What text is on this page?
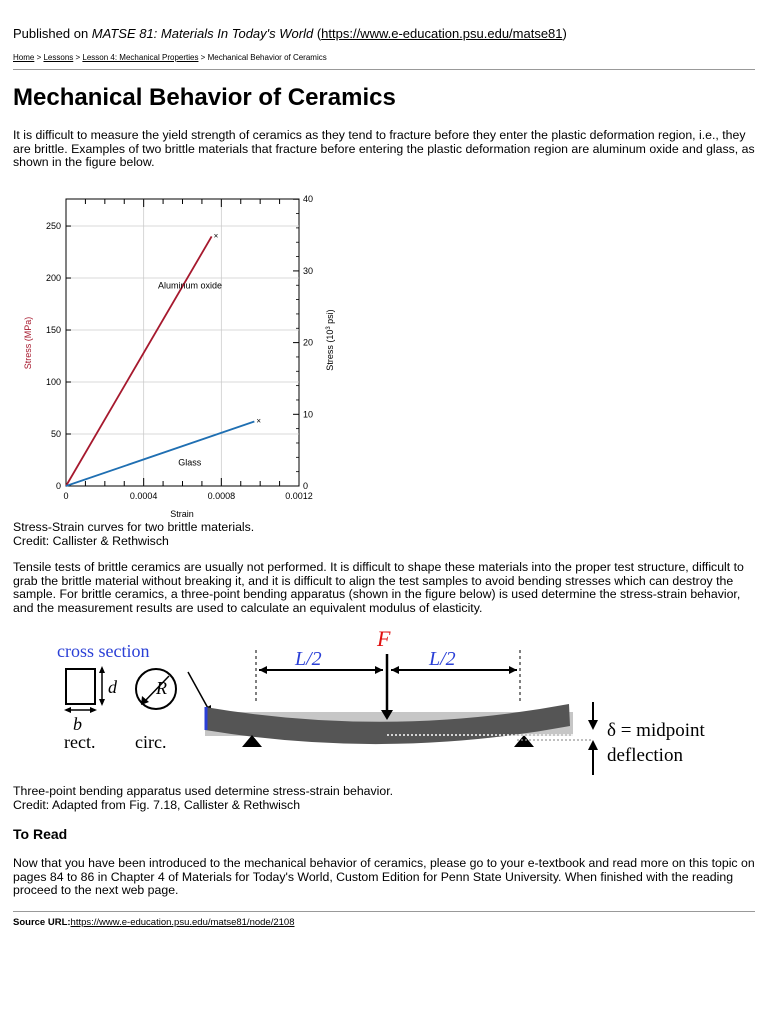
Published on MATSE 81: Materials In Today's World (https://www.e-education.psu.edu/matse81)
Home > Lessons > Lesson 4: Mechanical Properties > Mechanical Behavior of Ceramics
Mechanical Behavior of Ceramics

It is difficult to measure the yield strength of ceramics as they tend to fracture before they enter the plastic deformation region, i.e., they are brittle. Examples of two brittle materials that fracture before entering the plastic deformation region are aluminum oxide and glass, as shown in the figure below.

0
50
100
150
200
250
0
10
20
30
40
0	0.0004	0.0008	0.0012
×
Aluminum oxide
×
Glass
Stress (MPa)	Stress ($10^3$ psi)
Strain
Stress-Strain curves for two brittle materials.
Credit: Callister & Rethwisch

Tensile tests of brittle ceramics are usually not performed. It is difficult to shape these materials into the proper test structure, difficult to grab the brittle material without breaking it, and it is difficult to align the test samples to avoid bending stresses which can destroy the sample. For brittle ceramics, a three-point bending apparatus (shown in the figure below) is used determine the stress-strain behavior, and the measurement results are used to calculate an equivalent modulus of elasticity.

cross section
d
b
rect.
R
circ.
L/2	L/2
F
δ = midpoint
deflection
Three-point bending apparatus used determine stress-strain behavior.
Credit: Adapted from Fig. 7.18, Callister & Rethwisch
To Read

Now that you have been introduced to the mechanical behavior of ceramics, please go to your e-textbook and read more on this topic on pages 84 to 86 in Chapter 4 of Materials for Today's World, Custom Edition for Penn State University. When finished with the reading proceed to the next web page.

Source URL:https://www.e-education.psu.edu/matse81/node/2108
